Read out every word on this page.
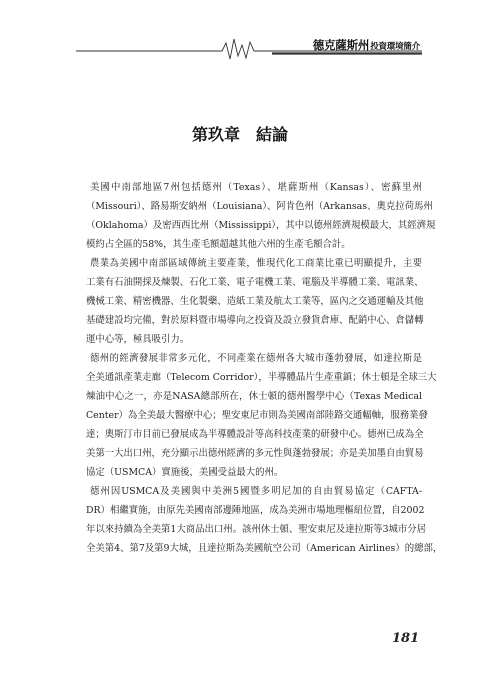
德克薩斯州投資環境簡介
第玖章　結論

美國中南部地區7州包括德州（Texas）、堪薩斯州（Kansas）、密蘇里州
（Missouri）、路易斯安納州（Louisiana）、阿肯色州（Arkansas、奧克拉荷馬州
（Oklahoma）及密西西比州（Mississippi），其中以德州經濟規模最大，其經濟規
模約占全區的58%，其生產毛額超越其他六州的生產毛額合計。

農業為美國中南部區域傳統主要產業，惟現代化工商業比重已明顯提升，主要
工業有石油開採及煉製、石化工業、電子電機工業、電腦及半導體工業、電訊業、
機械工業、精密機器、生化製藥、造紙工業及航太工業等，區內之交通運輸及其他
基礎建設均完備，對於原料暨市場導向之投資及設立發貨倉庫、配銷中心、倉儲轉
運中心等，極具吸引力。

德州的經濟發展非常多元化，不同產業在德州各大城市蓬勃發展，如達拉斯是
全美通訊產業走廊（Telecom Corridor），半導體晶片生產重鎮；休士頓是全球三大
煉油中心之一，亦是NASA總部所在，休士頓的德州醫學中心（Texas Medical
Center）為全美最大醫療中心；聖安東尼市則為美國南部陸路交通輻軸，服務業發
達；奧斯汀市目前已發展成為半導體設計等高科技產業的研發中心。德州已成為全
美第一大出口州，充分顯示出德州經濟的多元性與蓬勃發展；亦是美加墨自由貿易
協定（USMCA）實施後，美國受益最大的州。

德州因USMCA及美國與中美洲5國暨多明尼加的自由貿易協定（CAFTA-
DR）相繼實施，由原先美國南部邊陲地區，成為美洲市場地理樞紐位置，自2002
年以來持續為全美第1大商品出口州。該州休士頓、聖安東尼及達拉斯等3城市分居
全美第4、第7及第9大城，且達拉斯為美國航空公司（American Airlines）的總部，

181
